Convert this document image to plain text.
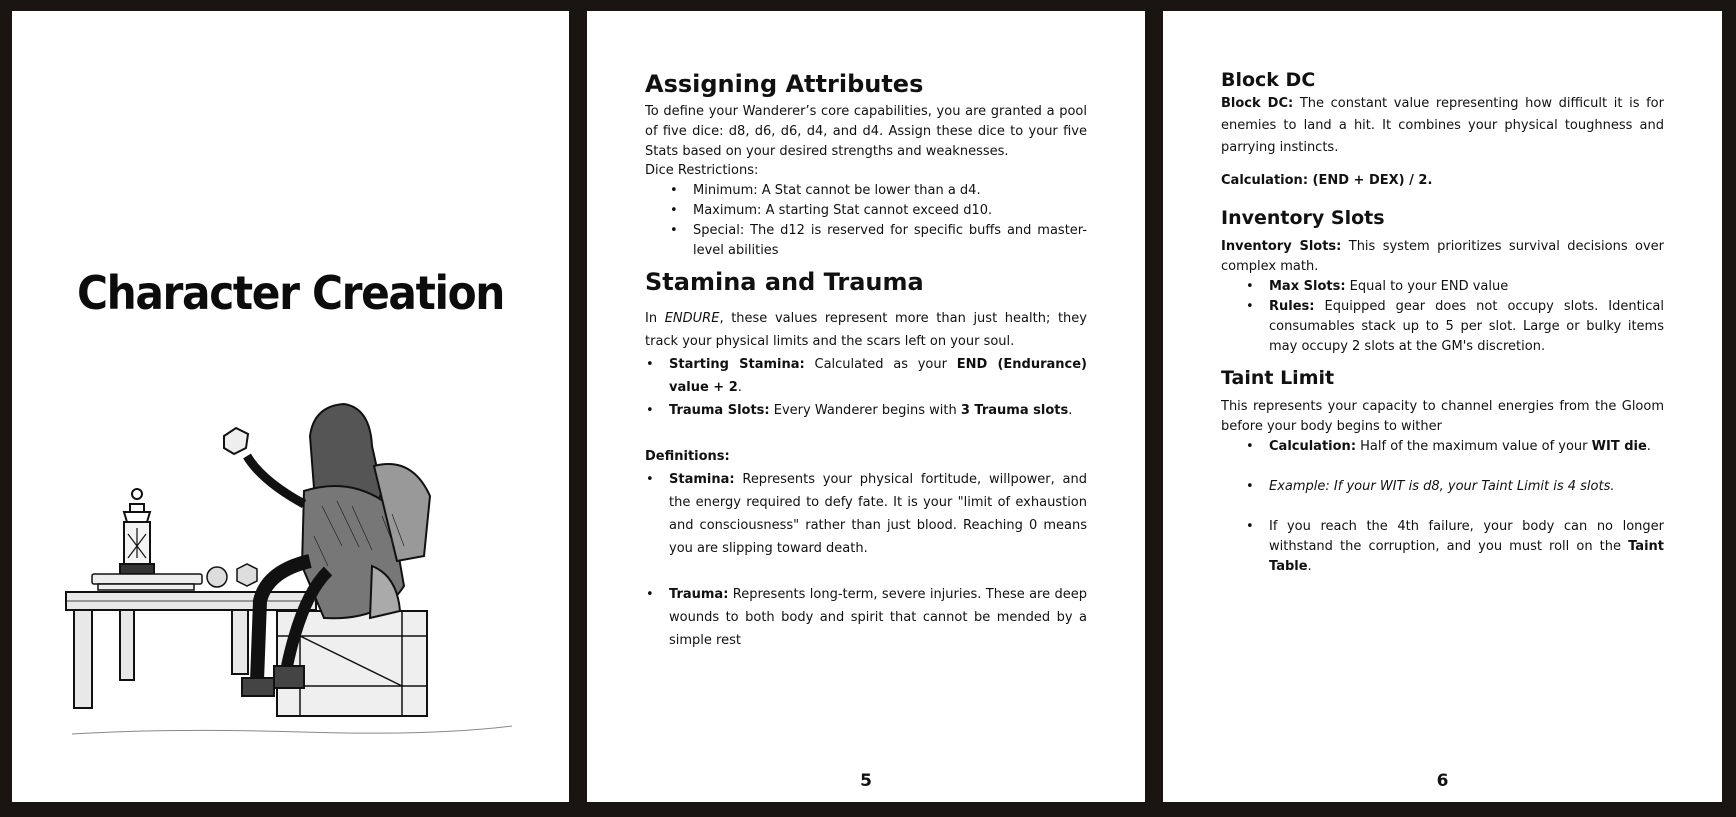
Character Creation
Assigning Attributes

To define your Wanderer’s core capabilities, you are granted a pool of five dice: d8, d6, d6, d4, and d4. Assign these dice to your five Stats based on your desired strengths and weaknesses.

Dice Restrictions:
• Minimum: A Stat cannot be lower than a d4.
• Maximum: A starting Stat cannot exceed d10.
• Special: The d12 is reserved for specific buffs and master-level abilities
Stamina and Trauma

In ENDURE, these values represent more than just health; they track your physical limits and the scars left on your soul.

• Starting Stamina: Calculated as your END (Endurance) value + 2.
• Trauma Slots: Every Wanderer begins with 3 Trauma slots.
Definitions:
• Stamina: Represents your physical fortitude, willpower, and the energy required to defy fate. It is your "limit of exhaustion and consciousness" rather than just blood. Reaching 0 means you are slipping toward death.
• Trauma: Represents long-term, severe injuries. These are deep wounds to both body and spirit that cannot be mended by a simple rest
5
Block DC

Block DC: The constant value representing how difficult it is for enemies to land a hit. It combines your physical toughness and parrying instincts.

Calculation: (END + DEX) / 2.

Inventory Slots

Inventory Slots: This system prioritizes survival decisions over complex math.

• Max Slots: Equal to your END value
• Rules: Equipped gear does not occupy slots. Identical consumables stack up to 5 per slot. Large or bulky items may occupy 2 slots at the GM's discretion.
Taint Limit

This represents your capacity to channel energies from the Gloom before your body begins to wither

• Calculation: Half of the maximum value of your WIT die.
• Example: If your WIT is d8, your Taint Limit is 4 slots.
• If you reach the 4th failure, your body can no longer withstand the corruption, and you must roll on the Taint Table.
6
